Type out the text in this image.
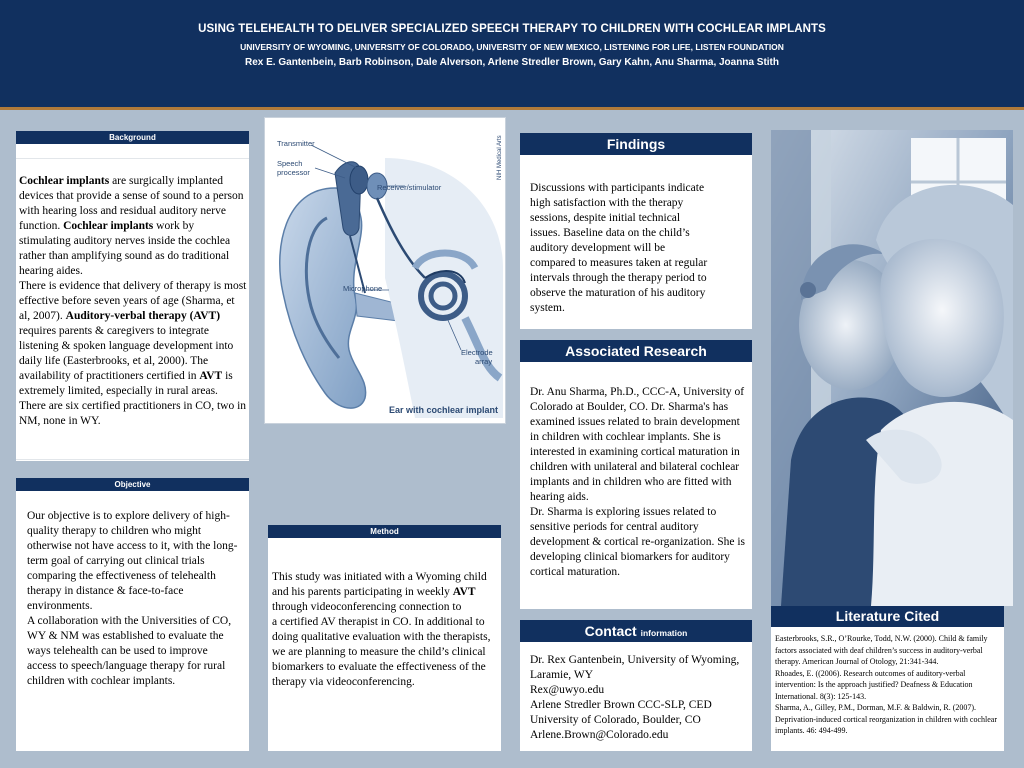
USING TELEHEALTH TO DELIVER SPECIALIZED SPEECH THERAPY TO CHILDREN WITH COCHLEAR IMPLANTS
UNIVERSITY OF WYOMING, UNIVERSITY OF COLORADO, UNIVERSITY OF NEW MEXICO, LISTENING FOR LIFE, LISTEN FOUNDATION
Rex E. Gantenbein, Barb Robinson, Dale Alverson, Arlene Stredler Brown, Gary Kahn, Anu Sharma, Joanna Stith
Background
Cochlear implants are surgically implanted devices that provide a sense of sound to a person with hearing loss and residual auditory nerve function. Cochlear implants work by stimulating auditory nerves inside the cochlea rather than amplifying sound as do traditional hearing aides.
There is evidence that delivery of therapy is most effective before seven years of age (Sharma, et al, 2007). Auditory-verbal therapy (AVT) requires parents & caregivers to integrate listening & spoken language development into daily life (Easterbrooks, et al, 2000). The availability of practitioners certified in AVT is extremely limited, especially in rural areas. There are six certified practitioners in CO, two in NM, none in WY.
Objective
Our objective is to explore delivery of high-quality therapy to children who might otherwise not have access to it, with the long-term goal of carrying out clinical trials comparing the effectiveness of telehealth therapy in distance & face-to-face environments.
A collaboration with the Universities of CO, WY & NM was established to evaluate the ways telehealth can be used to improve access to speech/language therapy for rural children with cochlear implants.
Transmitter
Speech
processor
Receiver/stimulator
Microphone
Electrode
array
Ear with cochlear implant
NIH Medical Arts
Method
This study was initiated with a Wyoming child and his parents participating in weekly AVT through videoconferencing connection to
a certified AV therapist in CO. In additional to doing qualitative evaluation with the therapists, we are planning to measure the child’s clinical biomarkers to evaluate the effectiveness of the
therapy via videoconferencing.
Findings
Discussions with participants indicate high satisfaction with the therapy sessions, despite initial technical issues. Baseline data on the child’s auditory development will be compared to measures taken at regular intervals through the therapy period to observe the maturation of his auditory system.
Associated Research
Dr. Anu Sharma, Ph.D., CCC-A, University of Colorado at Boulder, CO. Dr. Sharma's has examined issues related to brain development in children with cochlear implants. She is interested in examining cortical maturation in children with unilateral and bilateral cochlear implants and in children who are fitted with hearing aids.
Dr. Sharma is exploring issues related to sensitive periods for central auditory development & cortical re-organization. She is developing clinical biomarkers for auditory cortical maturation.
Contact information
Dr. Rex Gantenbein, University of Wyoming, Laramie, WY
Rex@uwyo.edu
Arlene Stredler Brown CCC-SLP, CED
University of Colorado, Boulder, CO
Arlene.Brown@Colorado.edu
Literature Cited
Easterbrooks, S.R., O’Rourke, Todd, N.W. (2000). Child & family factors associated with deaf children’s success in auditory-verbal therapy. American Journal of Otology, 21:341-344.
Rhoades, E. ((2006). Research outcomes of auditory-verbal intervention: Is the approach justified? Deafness & Education International. 8(3): 125-143.
Sharma, A., Gilley, P.M., Dorman, M.F. & Baldwin, R. (2007). Deprivation-induced cortical reorganization in children with cochlear implants. 46: 494-499.
